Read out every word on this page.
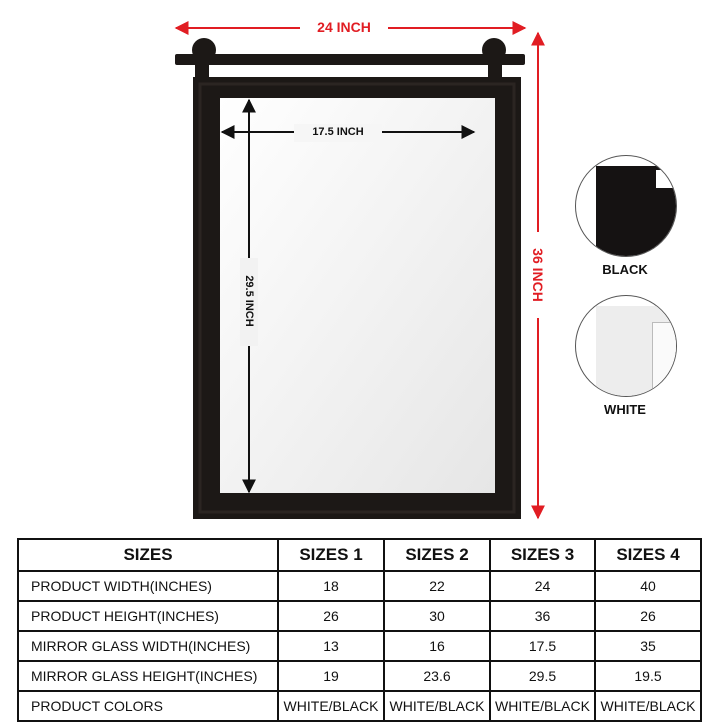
24 INCH
36 INCH
17.5 INCH
29.5 INCH
BLACK
WHITE
SIZES	SIZES 1	SIZES 2	SIZES 3	SIZES 4
PRODUCT WIDTH(INCHES)	18	22	24	40
PRODUCT HEIGHT(INCHES)	26	30	36	26
MIRROR GLASS WIDTH(INCHES)	13	16	17.5	35
MIRROR GLASS HEIGHT(INCHES)	19	23.6	29.5	19.5
PRODUCT COLORS	WHITE/BLACK	WHITE/BLACK	WHITE/BLACK	WHITE/BLACK
